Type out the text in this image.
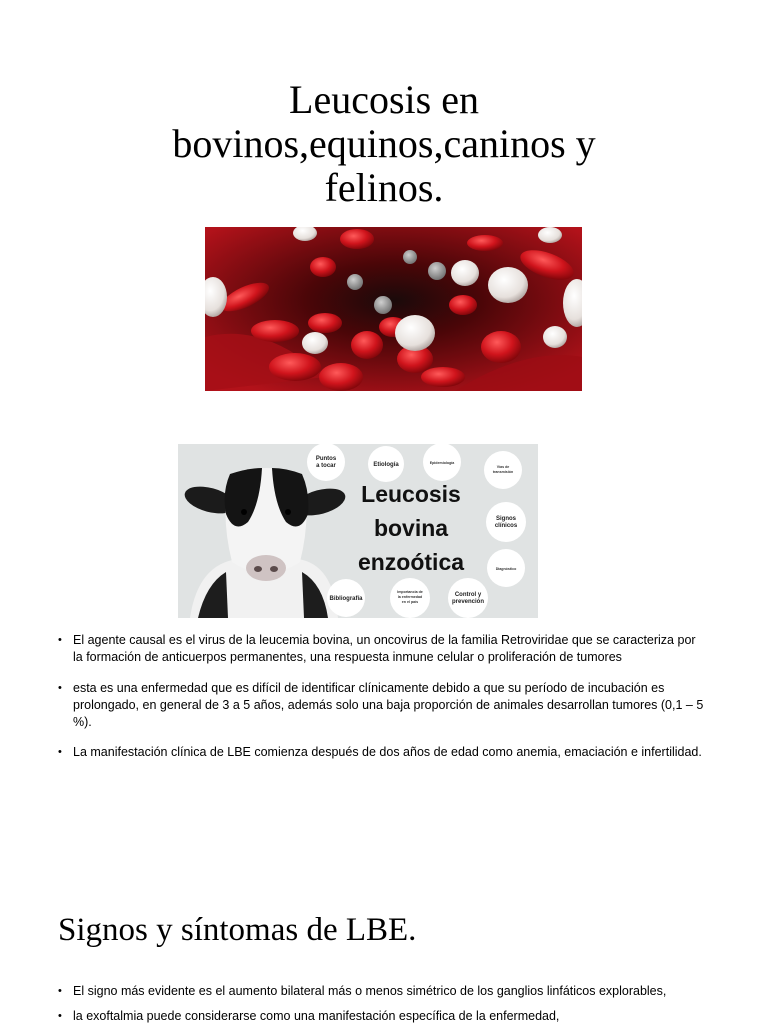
Leucosis en
bovinos,equinos,caninos y
felinos.
Puntos
a tocar	Etiología	Epidemiología
Vías de
transmisión
Signos
clínicos
Diagnóstico
Control y
prevención
Importancia de
la enfermedad
en el país
Bibliografía
Leucosis
bovina
enzoótica
• El agente causal es el virus de la leucemia bovina, un oncovirus de la familia Retroviridae que se caracteriza por la formación de anticuerpos permanentes, una respuesta inmune celular o proliferación de tumores
• esta es una enfermedad que es difícil de identificar clínicamente debido a que su período de incubación es prolongado, en general de 3 a 5 años, además solo una baja proporción de animales desarrollan tumores (0,1 – 5 %).
• La manifestación clínica de LBE comienza después de dos años de edad como anemia, emaciación e infertilidad.
Signos y síntomas de LBE.
• El signo más evidente es el aumento bilateral más o menos simétrico de los ganglios linfáticos explorables,
• la exoftalmia puede considerarse como una manifestación específica de la enfermedad,
